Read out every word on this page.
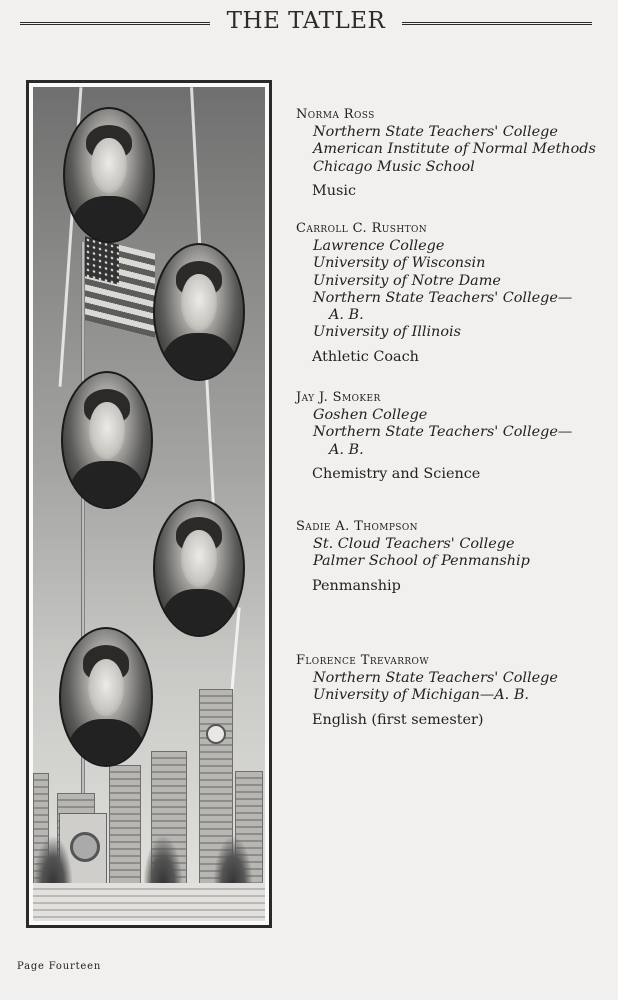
THE TATLER
Norma Ross
Northern State Teachers' College
American Institute of Normal Methods
Chicago Music School
Music
Carroll C. Rushton
Lawrence College
University of Wisconsin
University of Notre Dame
Northern State Teachers' College—
A. B.
University of Illinois
Athletic Coach
Jay J. Smoker
Goshen College
Northern State Teachers' College—
A. B.
Chemistry and Science
Sadie A. Thompson
St. Cloud Teachers' College
Palmer School of Penmanship
Penmanship
Florence Trevarrow
Northern State Teachers' College
University of Michigan—A. B.
English (first semester)
Page Fourteen
